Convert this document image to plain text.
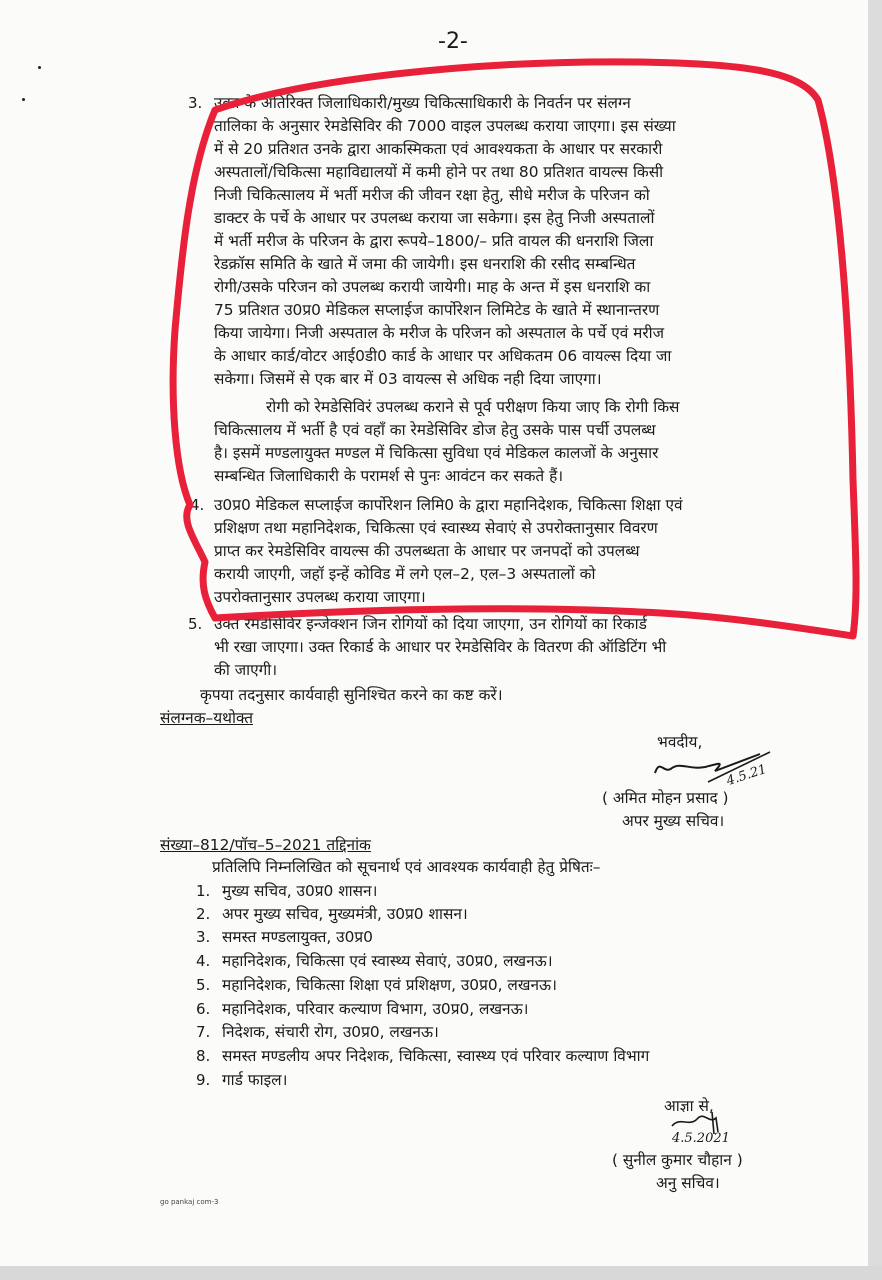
-2-
3. उक्त के अतिरिक्त जिलाधिकारी/मुख्य चिकित्साधिकारी के निवर्तन पर संलग्न
तालिका के अनुसार रेमडेसिविर की 7000 वाइल उपलब्ध कराया जाएगा। इस संख्या
में से 20 प्रतिशत उनके द्वारा आकस्मिकता एवं आवश्यकता के आधार पर सरकारी
अस्पतालों/चिकित्सा महाविद्यालयों में कमी होने पर तथा 80 प्रतिशत वायल्स किसी
निजी चिकित्सालय में भर्ती मरीज की जीवन रक्षा हेतु, सीधे मरीज के परिजन को
डाक्टर के पर्चे के आधार पर उपलब्ध कराया जा सकेगा। इस हेतु निजी अस्पतालों
में भर्ती मरीज के परिजन के द्वारा रूपये–1800/– प्रति वायल की धनराशि जिला
रेडक्रॉस समिति के खाते में जमा की जायेगी। इस धनराशि की रसीद सम्बन्धित
रोगी/उसके परिजन को उपलब्ध करायी जायेगी। माह के अन्त में इस धनराशि का
75 प्रतिशत उ0प्र0 मेडिकल सप्लाईज कार्पोरेशन लिमिटेड के खाते में स्थानान्तरण
किया जायेगा। निजी अस्पताल के मरीज के परिजन को अस्पताल के पर्चे एवं मरीज
के आधार कार्ड/वोटर आई0डी0 कार्ड के आधार पर अधिकतम 06 वायल्स दिया जा
सकेगा। जिसमें से एक बार में 03 वायल्स से अधिक नही दिया जाएगा।
रोगी को रेमडेसिविरं उपलब्ध कराने से पूर्व परीक्षण किया जाए कि रोगी किस
चिकित्सालय में भर्ती है एवं वहाँ का रेमडेसिविर डोज हेतु उसके पास पर्ची उपलब्ध
है। इसमें मण्डलायुक्त मण्डल में चिकित्सा सुविधा एवं मेडिकल कालजों के अनुसार
सम्बन्धित जिलाधिकारी के परामर्श से पुनः आवंटन कर सकते हैं।
4. उ0प्र0 मेडिकल सप्लाईज कार्पोरेशन लिमि0 के द्वारा महानिदेशक, चिकित्सा शिक्षा एवं
प्रशिक्षण तथा महानिदेशक, चिकित्सा एवं स्वास्थ्य सेवाएं से उपरोक्तानुसार विवरण
प्राप्त कर रेमडेसिविर वायल्स की उपलब्धता के आधार पर जनपदों को उपलब्ध
करायी जाएगी, जहॉ इन्हें कोविड में लगे एल–2, एल–3 अस्पतालों को
उपरोक्तानुसार उपलब्ध कराया जाएगा।
5. उक्त रेमडेसिविर इन्जेक्शन जिन रोगियों को दिया जाएगा, उन रोगियों का रिकार्ड
भी रखा जाएगा। उक्त रिकार्ड के आधार पर रेमडेसिविर के वितरण की ऑडिटिंग भी
की जाएगी।
कृपया तदनुसार कार्यवाही सुनिश्चित करने का कष्ट करें।
संलग्नक–यथोक्त
भवदीय,
4.5.21
( अमित मोहन प्रसाद )
अपर मुख्य सचिव।
संख्या–812/पॉच–5–2021 तद्दिनांक
प्रतिलिपि निम्नलिखित को सूचनार्थ एवं आवश्यक कार्यवाही हेतु प्रेषितः–
1. मुख्य सचिव, उ0प्र0 शासन।
2. अपर मुख्य सचिव, मुख्यमंत्री, उ0प्र0 शासन।
3. समस्त मण्डलायुक्त, उ0प्र0
4. महानिदेशक, चिकित्सा एवं स्वास्थ्य सेवाएं, उ0प्र0, लखनऊ।
5. महानिदेशक, चिकित्सा शिक्षा एवं प्रशिक्षण, उ0प्र0, लखनऊ।
6. महानिदेशक, परिवार कल्याण विभाग, उ0प्र0, लखनऊ।
7. निदेशक, संचारी रोग, उ0प्र0, लखनऊ।
8. समस्त मण्डलीय अपर निदेशक, चिकित्सा, स्वास्थ्य एवं परिवार कल्याण विभाग
9. गार्ड फाइल।
आज्ञा से,
4.5.2021
( सुनील कुमार चौहान )
अनु सचिव।
go pankaj com-3
